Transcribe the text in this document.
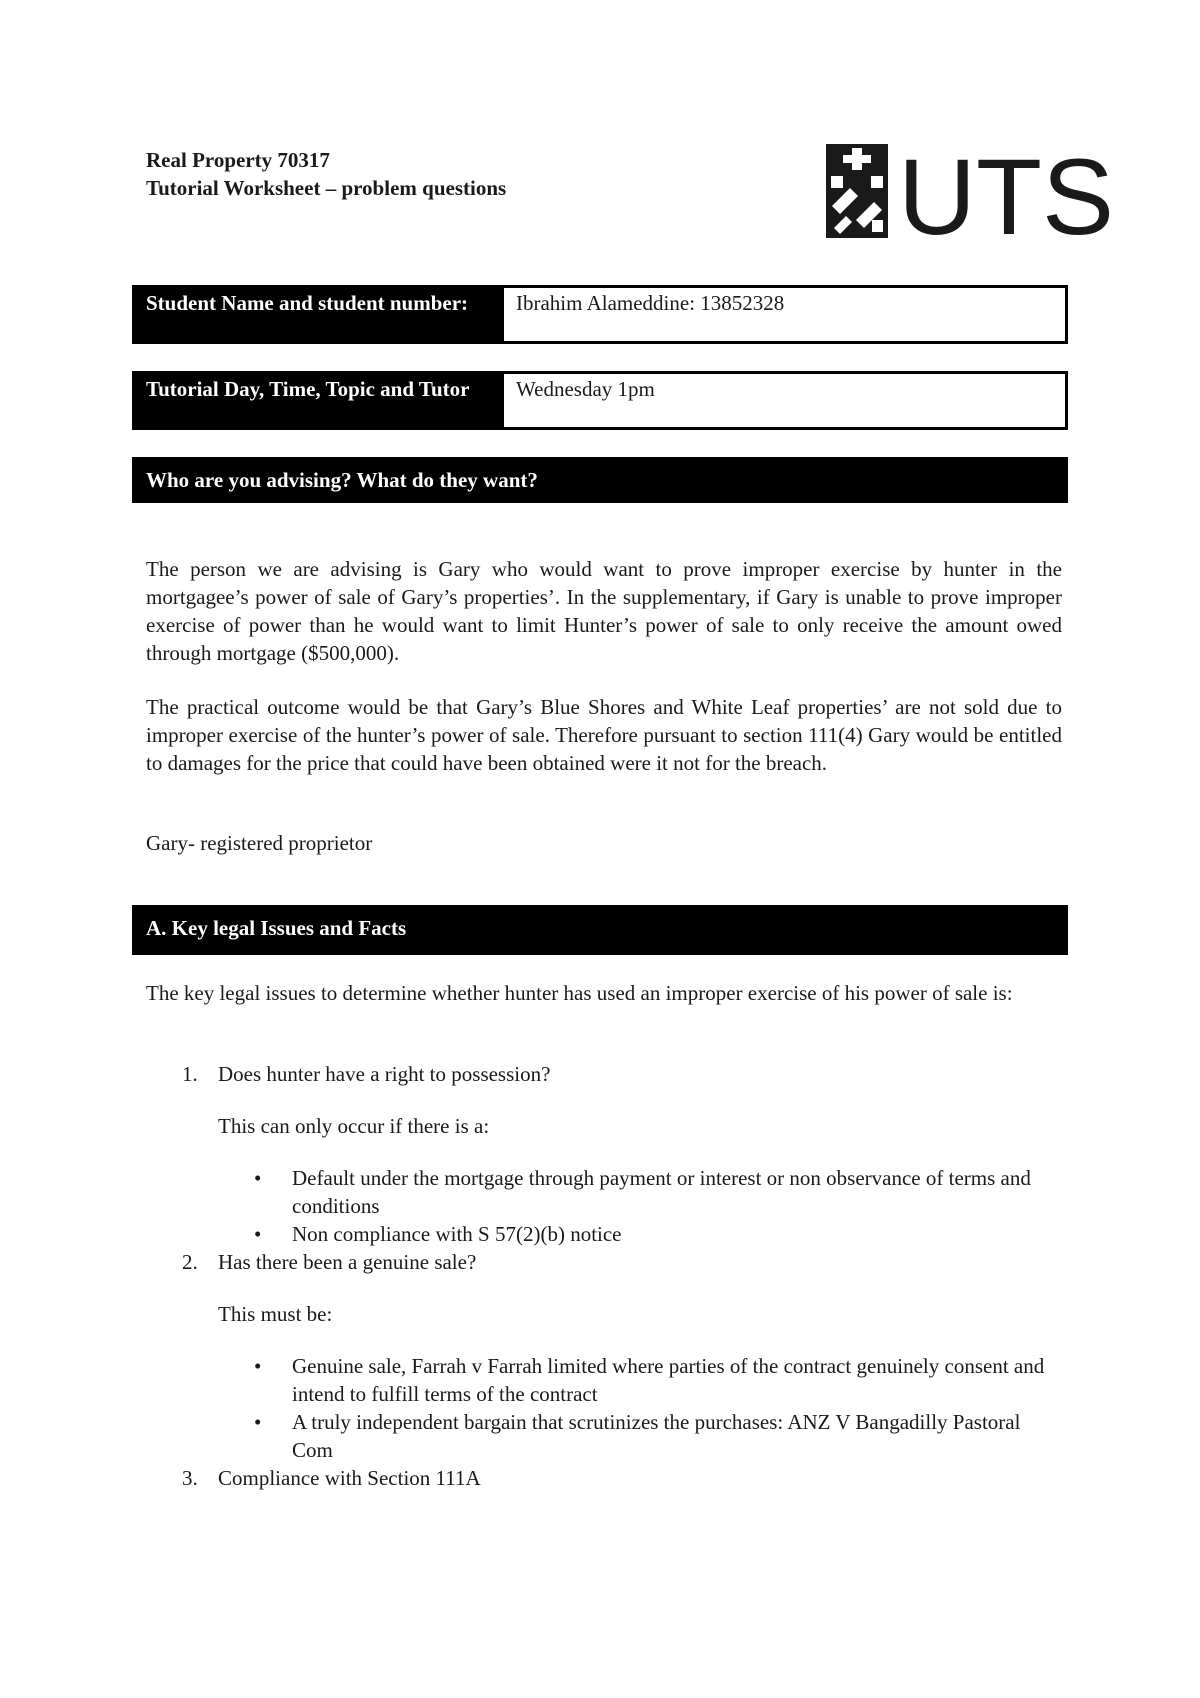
Real Property 70317
Tutorial Worksheet – problem questions	UTS
Student Name and student number:	Ibrahim Alameddine: 13852328
Tutorial Day, Time, Topic and Tutor	Wednesday 1pm
Who are you advising? What do they want?
The person we are advising is Gary who would want to prove improper exercise by hunter in the mortgagee’s power of sale of Gary’s properties’. In the supplementary, if Gary is unable to prove improper exercise of power than he would want to limit Hunter’s power of sale to only receive the amount owed through mortgage ($500,000).
The practical outcome would be that Gary’s Blue Shores and White Leaf properties’ are not sold due to improper exercise of the hunter’s power of sale. Therefore pursuant to section 111(4) Gary would be entitled to damages for the price that could have been obtained were it not for the breach.
Gary- registered proprietor
A. Key legal Issues and Facts
The key legal issues to determine whether hunter has used an improper exercise of his power of sale is:
1. Does hunter have a right to possession?
This can only occur if there is a:
• Default under the mortgage through payment or interest or non observance of terms and conditions
• Non compliance with S 57(2)(b) notice
2. Has there been a genuine sale?
This must be:
• Genuine sale, Farrah v Farrah limited where parties of the contract genuinely consent and intend to fulfill terms of the contract
• A truly independent bargain that scrutinizes the purchases: ANZ V Bangadilly Pastoral Com
3. Compliance with Section 111A
